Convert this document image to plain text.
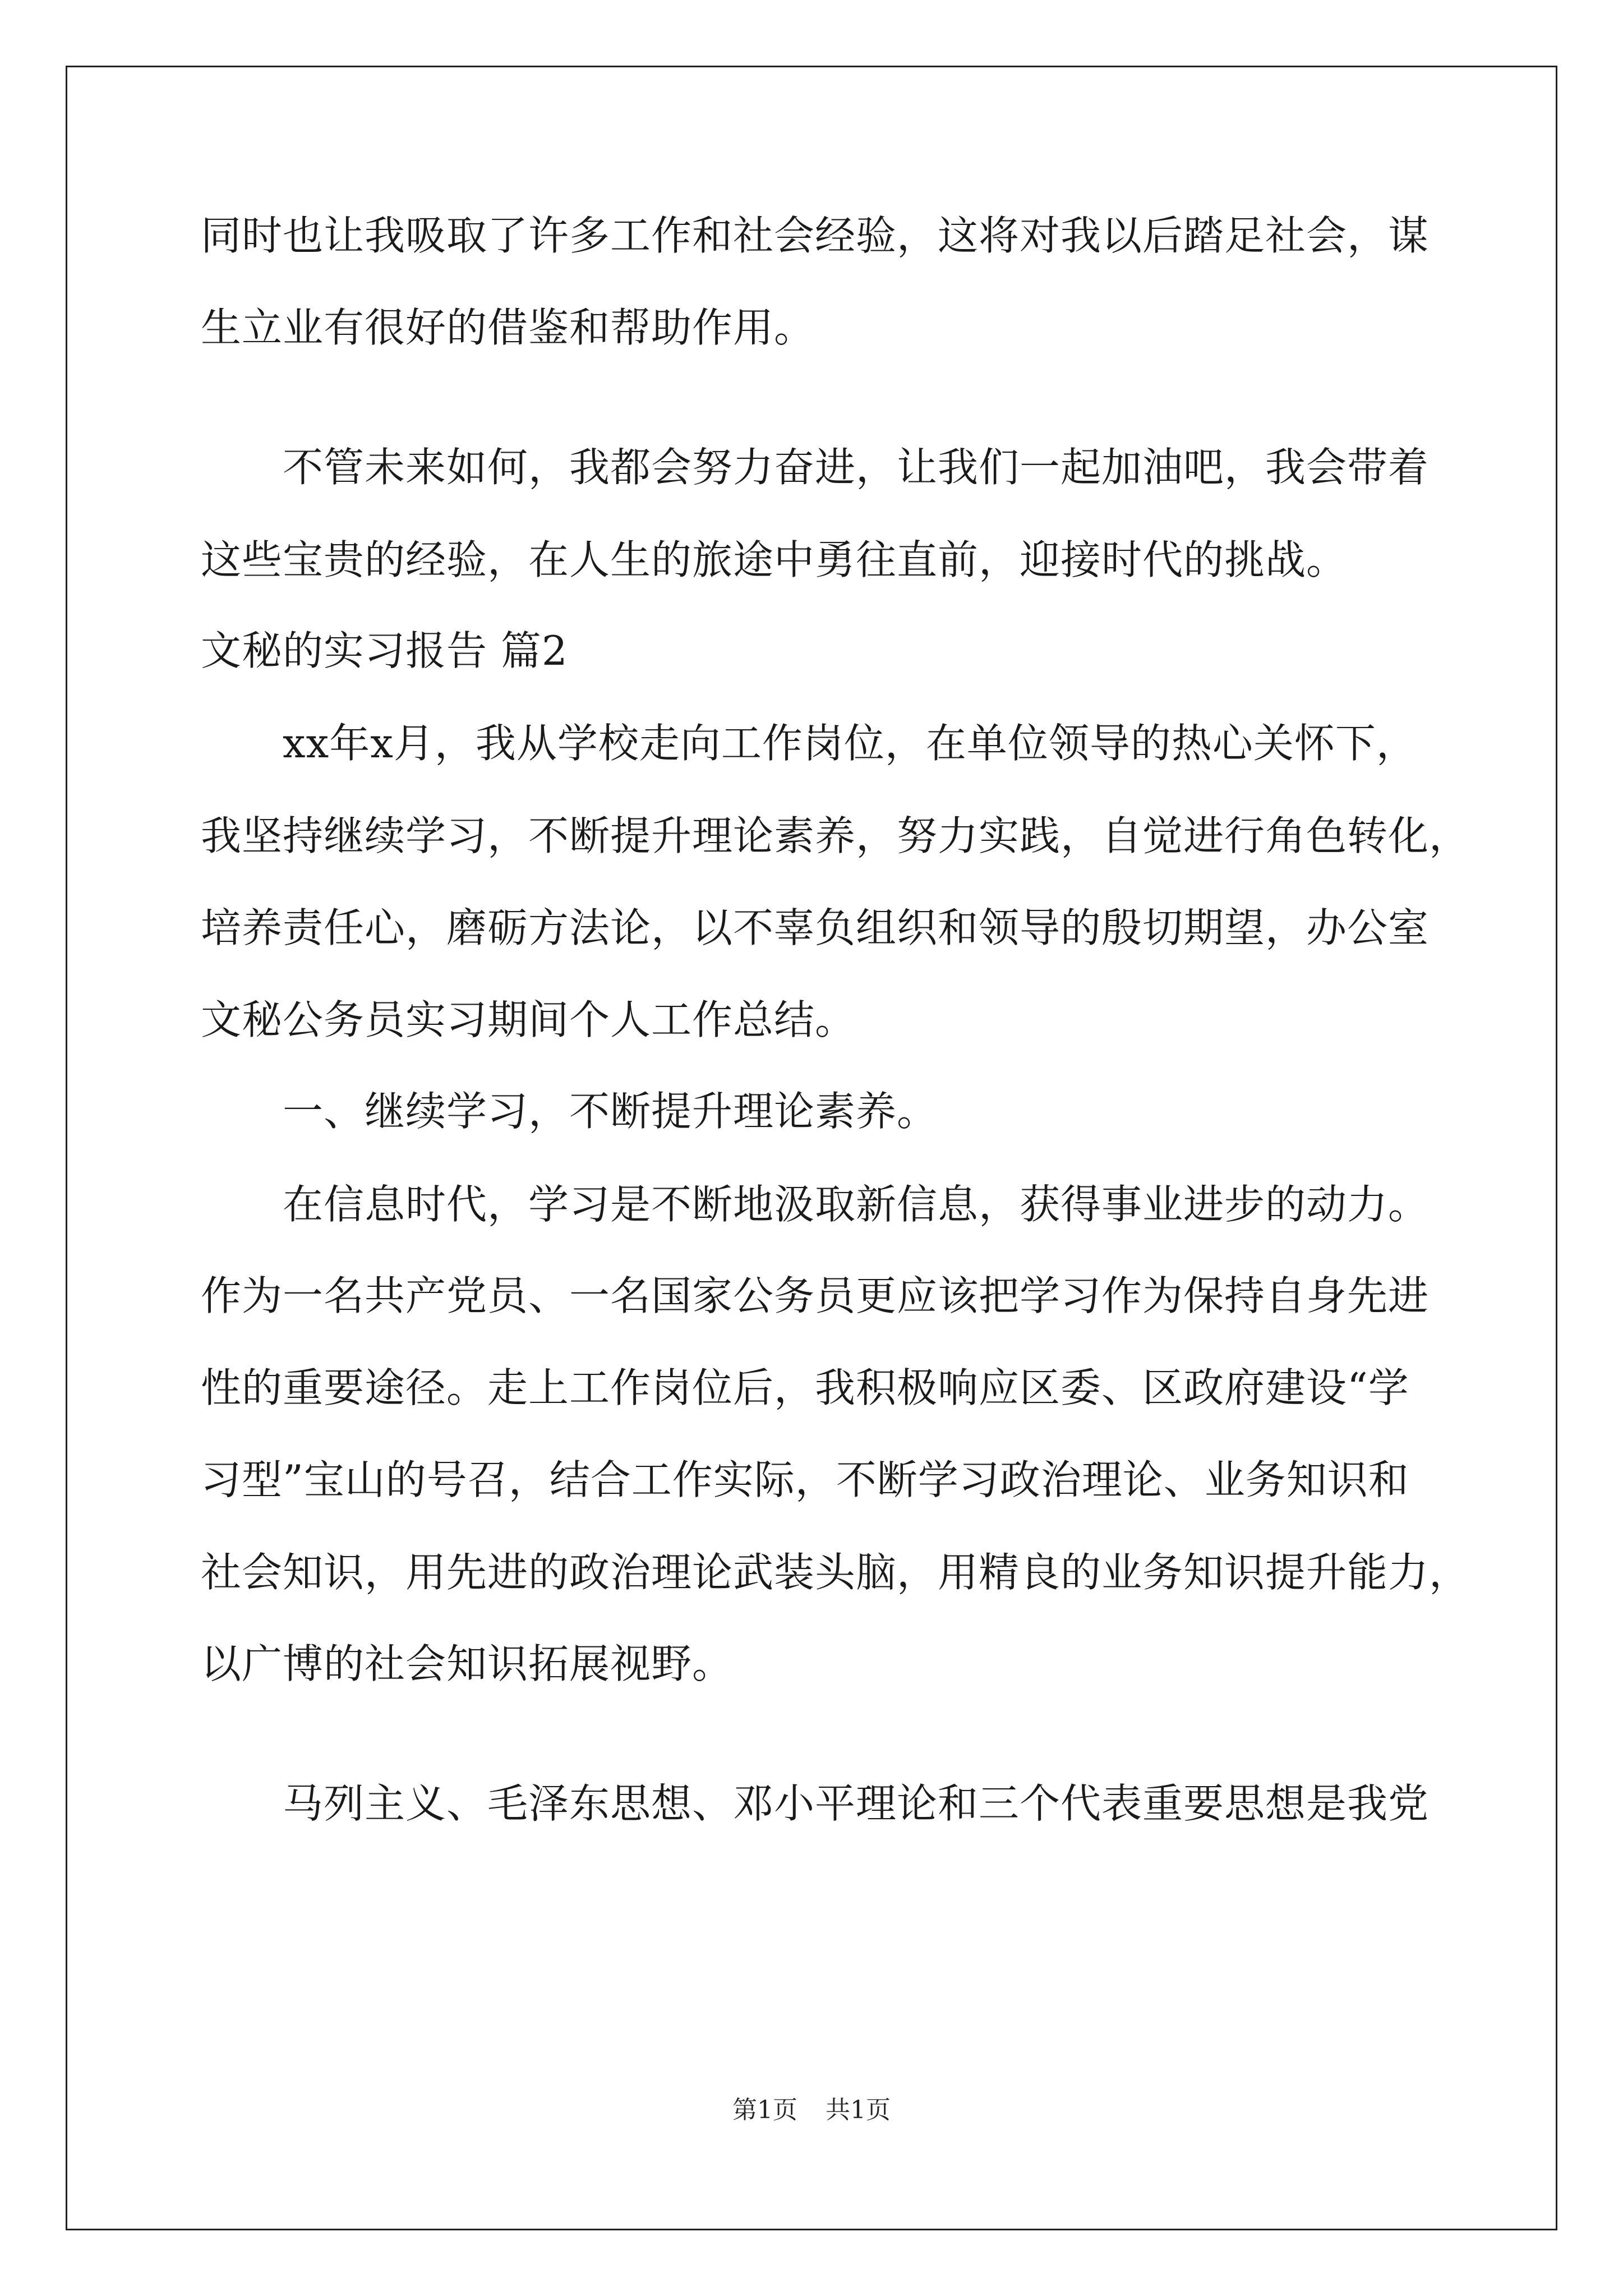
同时也让我吸取了许多工作和社会经验，这将对我以后踏足社会，谋
生立业有很好的借鉴和帮助作用。
不管未来如何，我都会努力奋进，让我们一起加油吧，我会带着
这些宝贵的经验，在人生的旅途中勇往直前，迎接时代的挑战。
文秘的实习报告 篇2
xx年x月，我从学校走向工作岗位，在单位领导的热心关怀下，
我坚持继续学习，不断提升理论素养，努力实践，自觉进行角色转化，
培养责任心，磨砺方法论，以不辜负组织和领导的殷切期望，办公室
文秘公务员实习期间个人工作总结。
一、继续学习，不断提升理论素养。
在信息时代，学习是不断地汲取新信息，获得事业进步的动力。
作为一名共产党员、一名国家公务员更应该把学习作为保持自身先进
性的重要途径。走上工作岗位后，我积极响应区委、区政府建设“学
习型”宝山的号召，结合工作实际，不断学习政治理论、业务知识和
社会知识，用先进的政治理论武装头脑，用精良的业务知识提升能力，
以广博的社会知识拓展视野。
马列主义、毛泽东思想、邓小平理论和三个代表重要思想是我党
第1页 共1页
